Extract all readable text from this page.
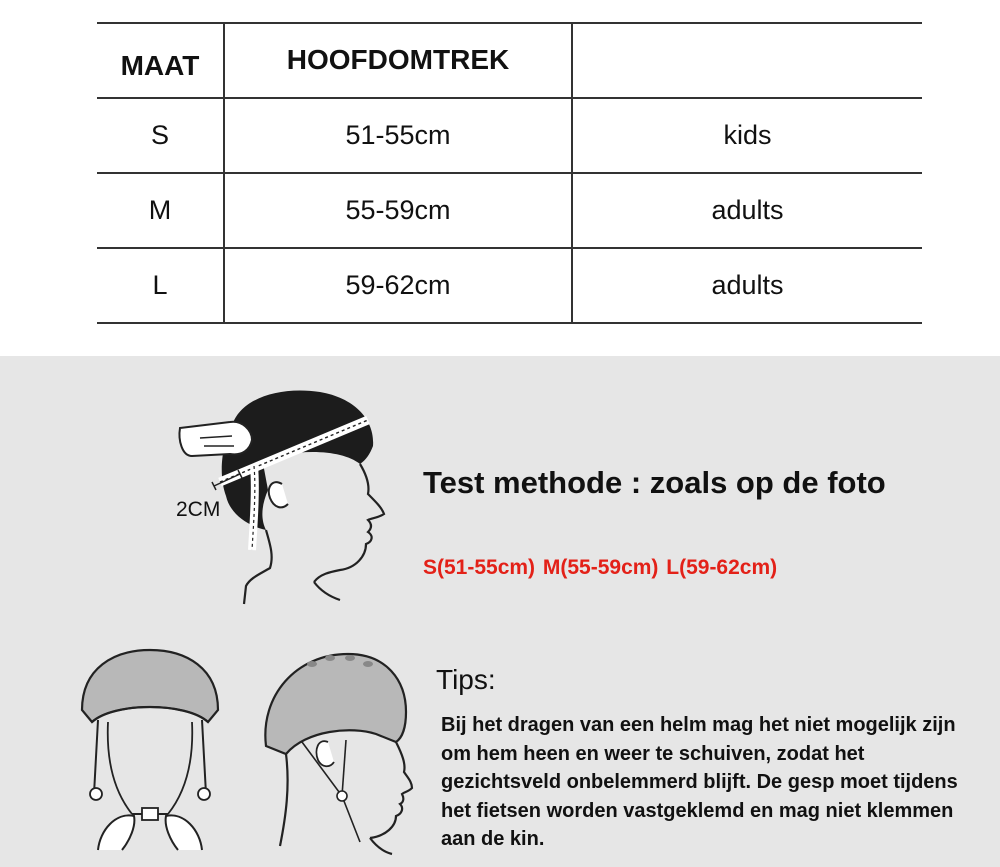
MAAT	HOOFDOMTREK
S	51-55cm	kids
M	55-59cm	adults
L	59-62cm	adults
2CM
Test methode : zoals op de foto
S(51-55cm) M(55-59cm) L(59-62cm)
Tips:
Bij het dragen van een helm mag het niet mogelijk zijn om hem heen en weer te schuiven, zodat het gezichtsveld onbelemmerd blijft. De gesp moet tijdens het fietsen worden vastgeklemd en mag niet klemmen aan de kin.
